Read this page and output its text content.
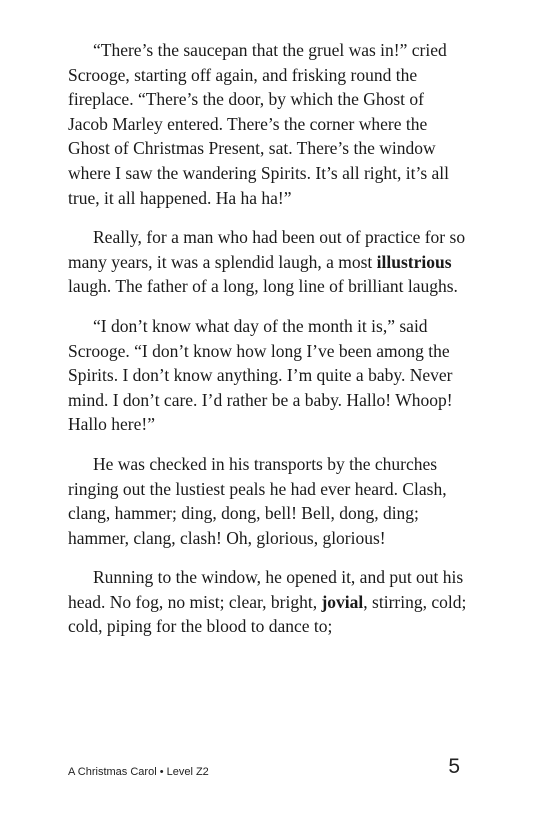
“There’s the saucepan that the gruel was in!” cried Scrooge, starting off again, and frisking round the fireplace. “There’s the door, by which the Ghost of Jacob Marley entered. There’s the corner where the Ghost of Christmas Present, sat. There’s the window where I saw the wandering Spirits. It’s all right, it’s all true, it all happened. Ha ha ha!”

Really, for a man who had been out of practice for so many years, it was a splendid laugh, a most illustrious laugh. The father of a long, long line of brilliant laughs.

“I don’t know what day of the month it is,” said Scrooge. “I don’t know how long I’ve been among the Spirits. I don’t know anything. I’m quite a baby. Never mind. I don’t care. I’d rather be a baby. Hallo! Whoop! Hallo here!”

He was checked in his transports by the churches ringing out the lustiest peals he had ever heard. Clash, clang, hammer; ding, dong, bell! Bell, dong, ding; hammer, clang, clash! Oh, glorious, glorious!

Running to the window, he opened it, and put out his head. No fog, no mist; clear, bright, jovial, stirring, cold; cold, piping for the blood to dance to;

A Christmas Carol • Level Z2	5
